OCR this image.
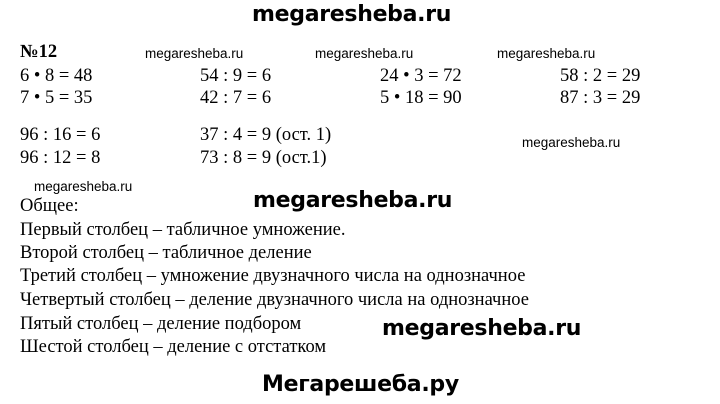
megaresheba.ru
megaresheba.ru	megaresheba.ru	megaresheba.ru
megaresheba.ru
megaresheba.ru
megaresheba.ru
megaresheba.ru
Мегарешеба.ру
№12
6 • 8 = 48
7 • 5 = 35
54 : 9 = 6
42 : 7 = 6
24 • 3 = 72
5 • 18 = 90
58 : 2 = 29
87 : 3 = 29
96 : 16 = 6
96 : 12 = 8
37 : 4 = 9 (ост. 1)
73 : 8 = 9 (ост.1)
Общее:
Первый столбец – табличное умножение.
Второй столбец – табличное деление
Третий столбец – умножение двузначного числа на однозначное
Четвертый столбец – деление двузначного числа на однозначное
Пятый столбец – деление подбором
Шестой столбец – деление с отстатком
